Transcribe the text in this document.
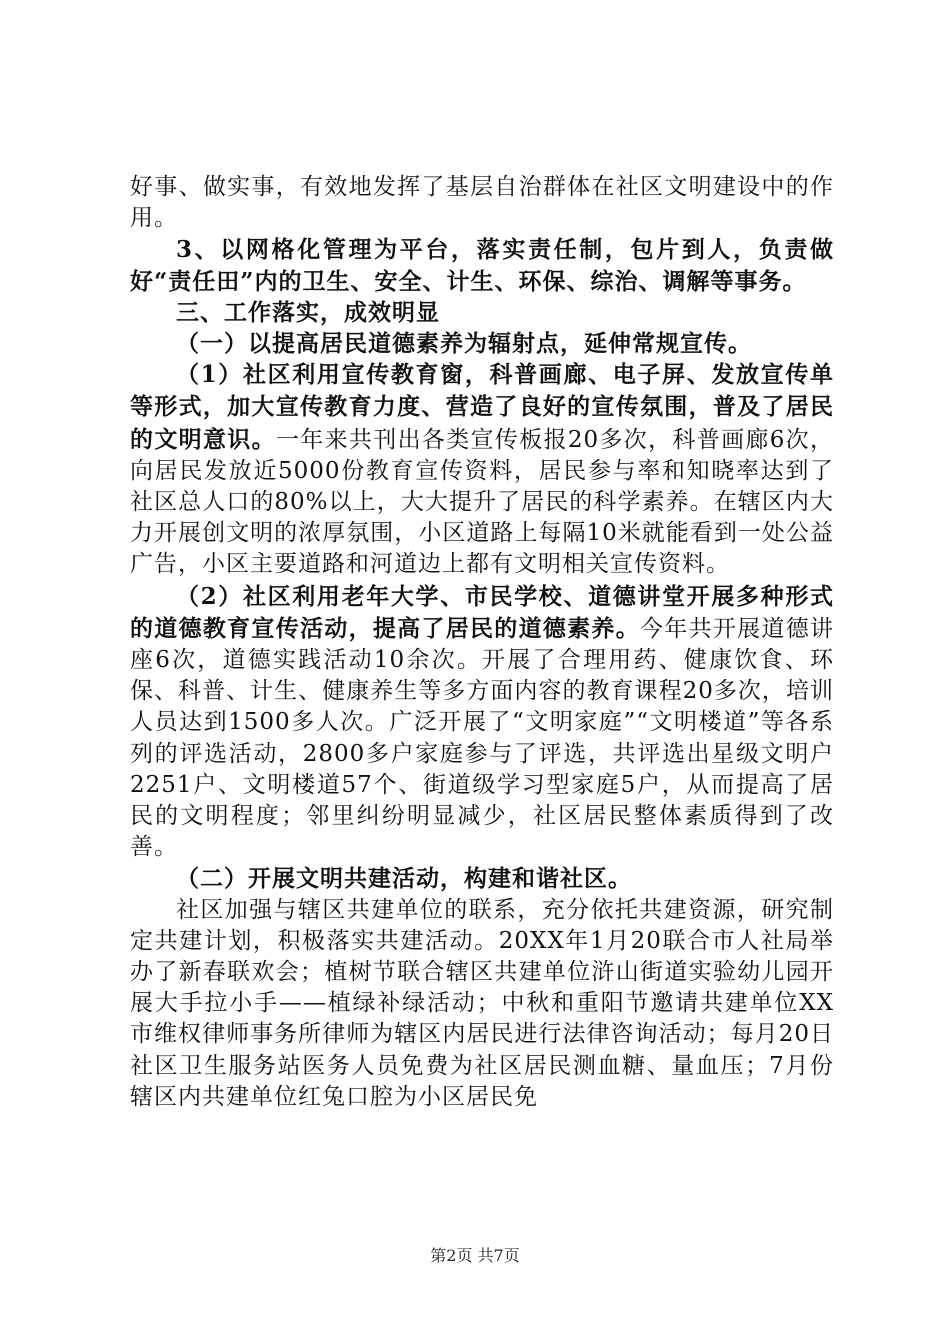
好事、做实事，有效地发挥了基层自治群体在社区文明建设中的作用。

3、以网格化管理为平台，落实责任制，包片到人，负责做好“责任田”内的卫生、安全、计生、环保、综治、调解等事务。

三、工作落实，成效明显

（一）以提高居民道德素养为辐射点，延伸常规宣传。

（1）社区利用宣传教育窗，科普画廊、电子屏、发放宣传单等形式，加大宣传教育力度、营造了良好的宣传氛围，普及了居民的文明意识。一年来共刊出各类宣传板报20多次，科普画廊6次，向居民发放近5000份教育宣传资料，居民参与率和知晓率达到了社区总人口的80%以上，大大提升了居民的科学素养。在辖区内大力开展创文明的浓厚氛围，小区道路上每隔10米就能看到一处公益广告，小区主要道路和河道边上都有文明相关宣传资料。

（2）社区利用老年大学、市民学校、道德讲堂开展多种形式的道德教育宣传活动，提高了居民的道德素养。今年共开展道德讲座6次，道德实践活动10余次。开展了合理用药、健康饮食、环保、科普、计生、健康养生等多方面内容的教育课程20多次，培训人员达到1500多人次。广泛开展了“文明家庭”“文明楼道”等各系列的评选活动，2800多户家庭参与了评选，共评选出星级文明户2251户、文明楼道57个、街道级学习型家庭5户，从而提高了居民的文明程度；邻里纠纷明显减少，社区居民整体素质得到了改善。

（二）开展文明共建活动，构建和谐社区。

社区加强与辖区共建单位的联系，充分依托共建资源，研究制定共建计划，积极落实共建活动。20XX年1月20联合市人社局举办了新春联欢会；植树节联合辖区共建单位浒山街道实验幼儿园开展大手拉小手——植绿补绿活动；中秋和重阳节邀请共建单位XX市维权律师事务所律师为辖区内居民进行法律咨询活动；每月20日社区卫生服务站医务人员免费为社区居民测血糖、量血压；7月份辖区内共建单位红兔口腔为小区居民免

第2页 共7页
